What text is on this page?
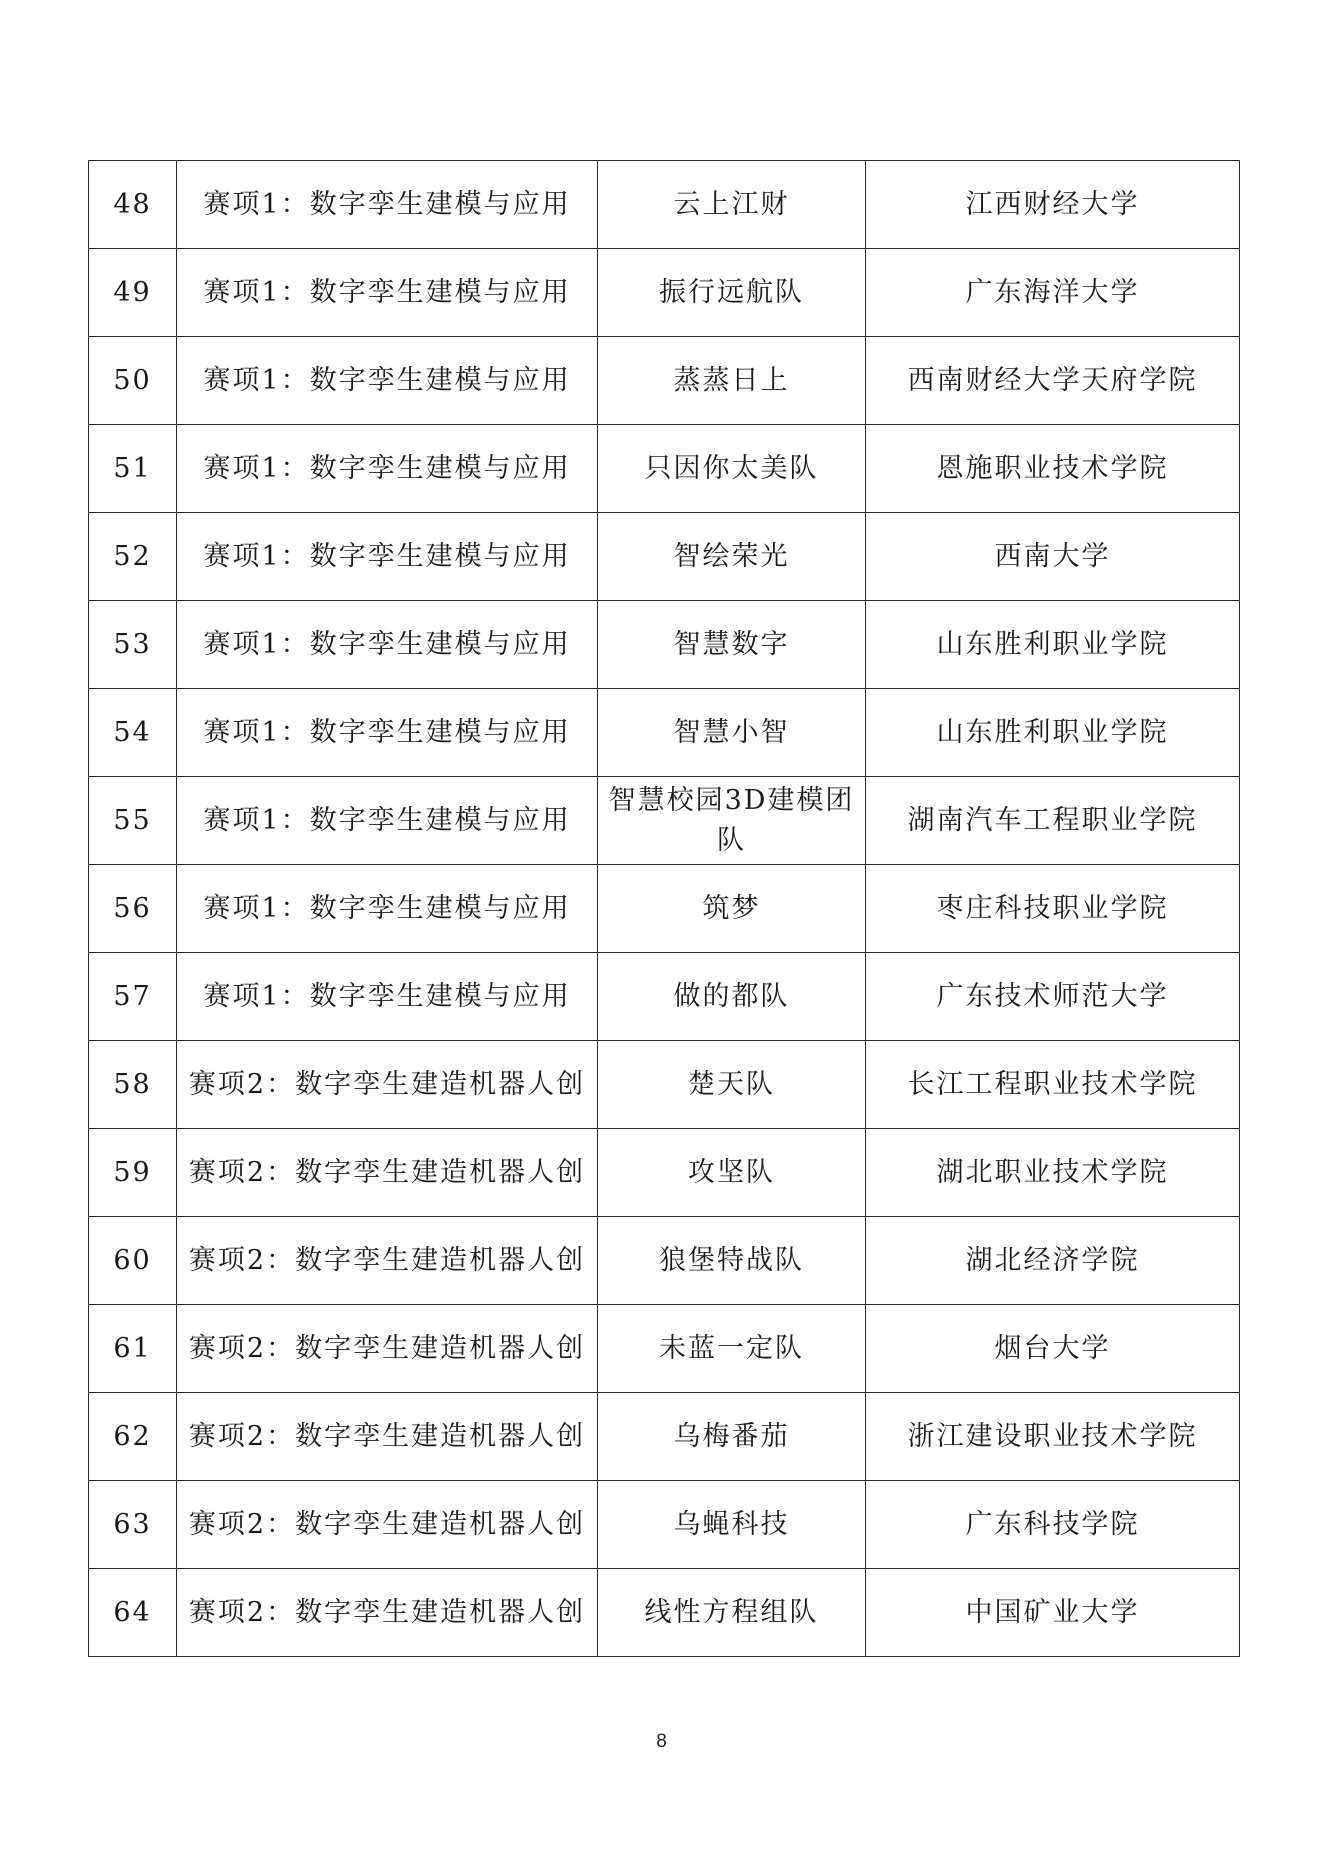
48	赛项1：数字孪生建模与应用	云上江财	江西财经大学
49	赛项1：数字孪生建模与应用	振行远航队	广东海洋大学
50	赛项1：数字孪生建模与应用	蒸蒸日上	西南财经大学天府学院
51	赛项1：数字孪生建模与应用	只因你太美队	恩施职业技术学院
52	赛项1：数字孪生建模与应用	智绘荣光	西南大学
53	赛项1：数字孪生建模与应用	智慧数字	山东胜利职业学院
54	赛项1：数字孪生建模与应用	智慧小智	山东胜利职业学院
55	赛项1：数字孪生建模与应用	智慧校园3D建模团队	湖南汽车工程职业学院
56	赛项1：数字孪生建模与应用	筑梦	枣庄科技职业学院
57	赛项1：数字孪生建模与应用	做的都队	广东技术师范大学
58	赛项2：数字孪生建造机器人创	楚天队	长江工程职业技术学院
59	赛项2：数字孪生建造机器人创	攻坚队	湖北职业技术学院
60	赛项2：数字孪生建造机器人创	狼堡特战队	湖北经济学院
61	赛项2：数字孪生建造机器人创	未蓝一定队	烟台大学
62	赛项2：数字孪生建造机器人创	乌梅番茄	浙江建设职业技术学院
63	赛项2：数字孪生建造机器人创	乌蝇科技	广东科技学院
64	赛项2：数字孪生建造机器人创	线性方程组队	中国矿业大学
8
